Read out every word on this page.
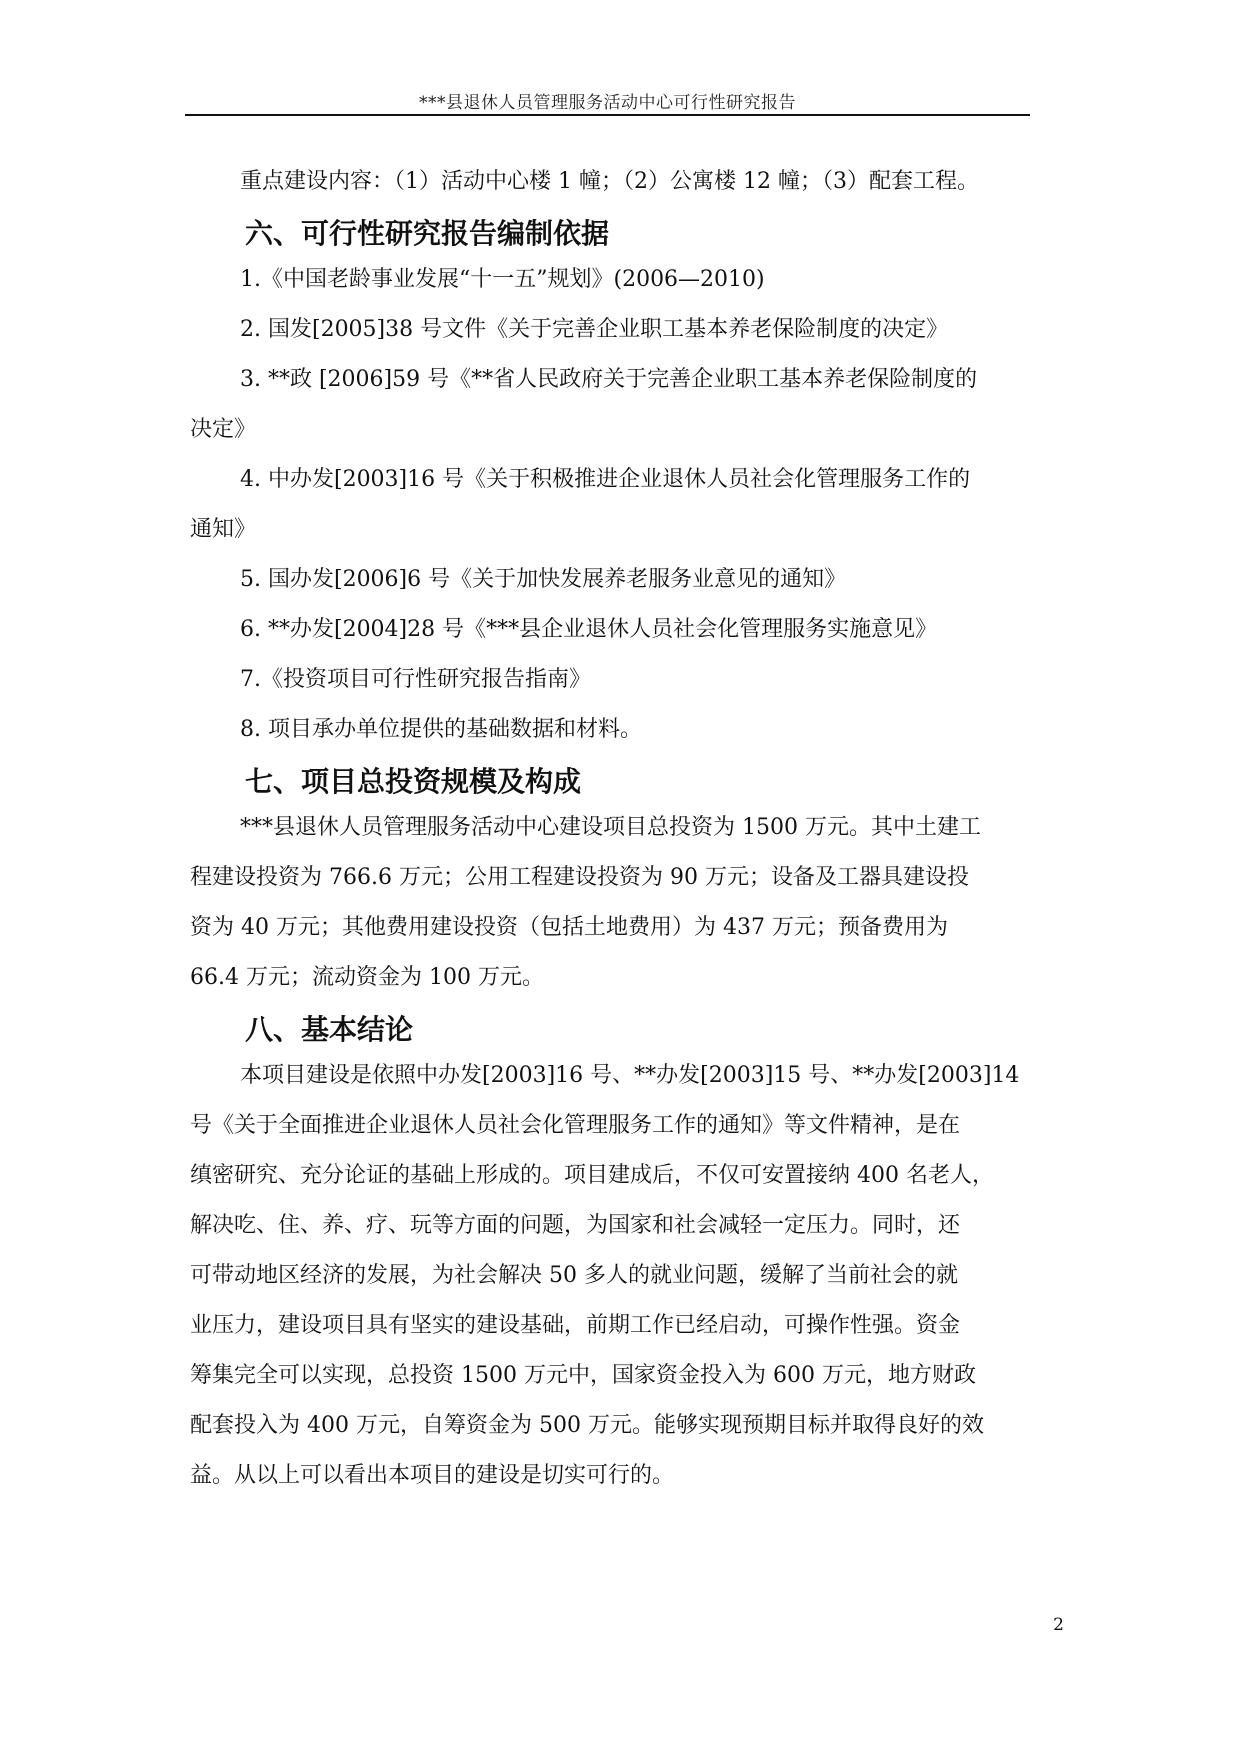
***县退休人员管理服务活动中心可行性研究报告

重点建设内容：（1）活动中心楼 1 幢；（2）公寓楼 12 幢；（3）配套工程。

六、可行性研究报告编制依据

1.《中国老龄事业发展“十一五”规划》(2006—2010)

2. 国发[2005]38 号文件《关于完善企业职工基本养老保险制度的决定》

3. **政 [2006]59 号《**省人民政府关于完善企业职工基本养老保险制度的

决定》

4. 中办发[2003]16 号《关于积极推进企业退休人员社会化管理服务工作的

通知》

5. 国办发[2006]6 号《关于加快发展养老服务业意见的通知》

6. **办发[2004]28 号《***县企业退休人员社会化管理服务实施意见》

7.《投资项目可行性研究报告指南》

8. 项目承办单位提供的基础数据和材料。

七、项目总投资规模及构成

***县退休人员管理服务活动中心建设项目总投资为 1500 万元。其中土建工

程建设投资为 766.6 万元；公用工程建设投资为 90 万元；设备及工器具建设投

资为 40 万元；其他费用建设投资（包括土地费用）为 437 万元；预备费用为

66.4 万元；流动资金为 100 万元。

八、基本结论

本项目建设是依照中办发[2003]16 号、**办发[2003]15 号、**办发[2003]14

号《关于全面推进企业退休人员社会化管理服务工作的通知》等文件精神，是在

缜密研究、充分论证的基础上形成的。项目建成后，不仅可安置接纳 400 名老人，

解决吃、住、养、疗、玩等方面的问题，为国家和社会减轻一定压力。同时，还

可带动地区经济的发展，为社会解决 50 多人的就业问题，缓解了当前社会的就

业压力，建设项目具有坚实的建设基础，前期工作已经启动，可操作性强。资金

筹集完全可以实现，总投资 1500 万元中，国家资金投入为 600 万元，地方财政

配套投入为 400 万元，自筹资金为 500 万元。能够实现预期目标并取得良好的效

益。从以上可以看出本项目的建设是切实可行的。

2
